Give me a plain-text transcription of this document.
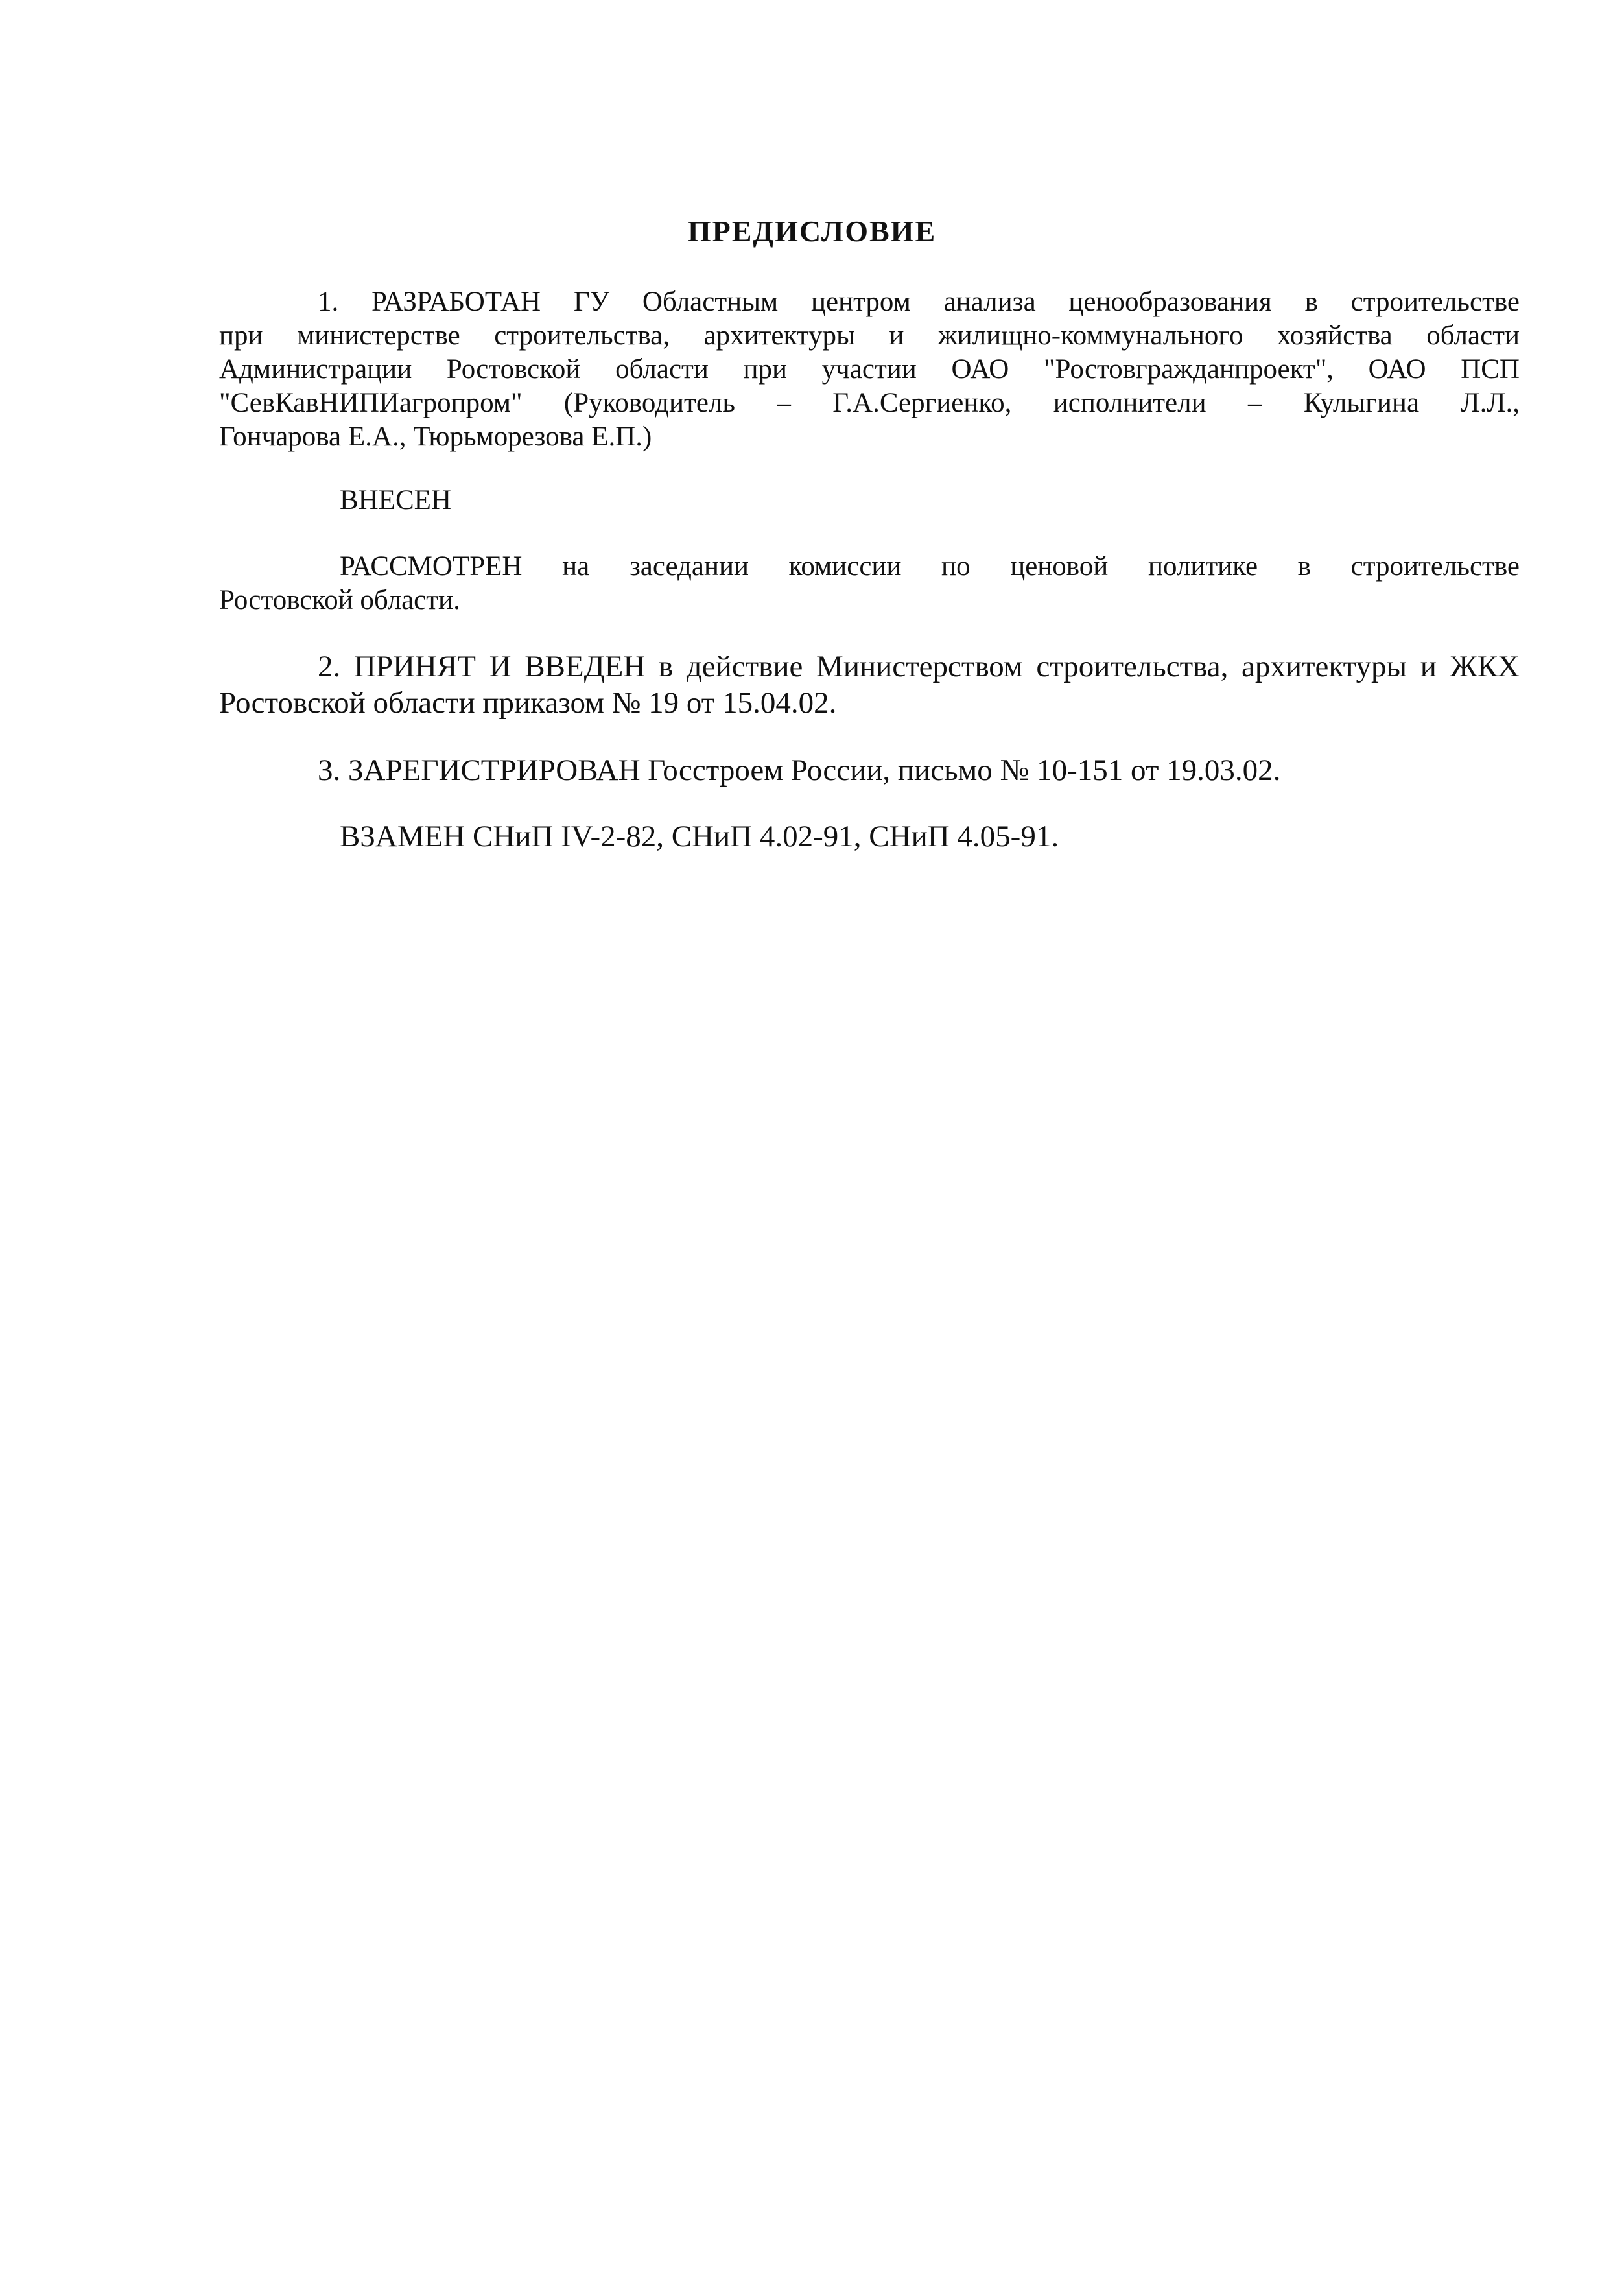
ПРЕДИСЛОВИЕ
1. РАЗРАБОТАН ГУ Областным центром анализа ценообразования в строительстве
при министерстве строительства, архитектуры и жилищно-коммунального хозяйства области
Администрации Ростовской области при участии ОАО "Ростовгражданпроект", ОАО ПСП
"СевКавНИПИагропром" (Руководитель – Г.А.Сергиенко, исполнители – Кулыгина Л.Л.,
Гончарова Е.А., Тюрьморезова Е.П.)
ВНЕСЕН
РАССМОТРЕН на заседании комиссии по ценовой политике в строительстве
Ростовской области.
2. ПРИНЯТ И ВВЕДЕН в действие Министерством строительства, архитектуры и ЖКХ
Ростовской области приказом № 19 от 15.04.02.
3. ЗАРЕГИСТРИРОВАН Госстроем России, письмо № 10-151 от 19.03.02.
ВЗАМЕН СНиП IV-2-82, СНиП 4.02-91, СНиП 4.05-91.
